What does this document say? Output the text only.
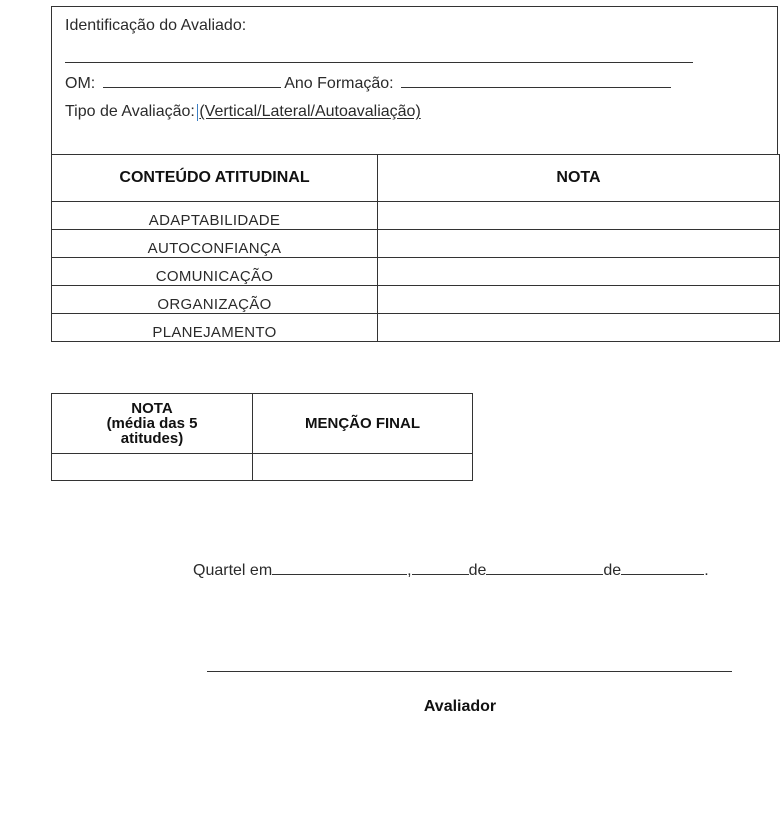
Identificação do Avaliado:
OM:	Ano Formação:
Tipo de Avaliação: (Vertical/Lateral/Autoavaliação)
CONTEÚDO ATITUDINAL	NOTA
ADAPTABILIDADE	
AUTOCONFIANÇA	
COMUNICAÇÃO	
ORGANIZAÇÃO	
PLANEJAMENTO	
NOTA
(média das 5
atitudes)	MENÇÃO FINAL

Quartel em	,	de	de	.
Avaliador
